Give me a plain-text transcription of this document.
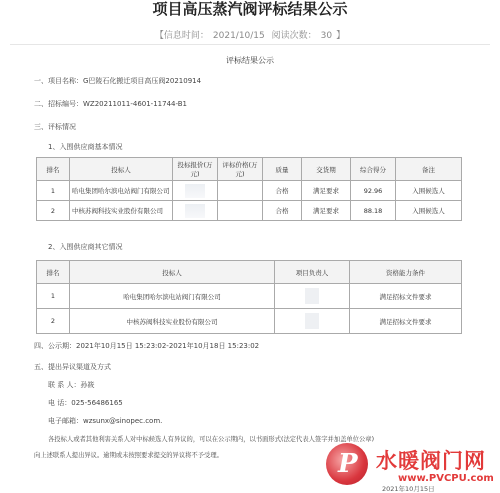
项目高压蒸汽阀评标结果公示
【信息时间： 2021/10/15 阅读次数： 30 】
评标结果公示
一、项目名称：G巴陵石化搬迁项目高压阀20210914
二、招标编号：WZ20211011-4601-11744-B1
三、评标情况
1、入围供应商基本情况
排名	投标人	投标报价(万元)	评标价格(万元)	质量	交货期	综合得分	备注
1	哈电集团哈尔滨电站阀门有限公司			合格	满足要求	92.96	入围候选人
2	中核苏阀科技实业股份有限公司			合格	满足要求	88.18	入围候选人
2、入围供应商其它情况
排名	投标人	项目负责人	资格能力条件
1	哈电集团哈尔滨电站阀门有限公司		满足招标文件要求
2	中核苏阀科技实业股份有限公司		满足招标文件要求
四、公示期：2021年10月15日 15:23:02-2021年10月18日 15:23:02
五、提出异议渠道及方式
联 系 人：孙筱
电 话：025-56486165
电子邮箱：wzsunx@sinopec.com.
各投标人或者其他利害关系人对中标候选人有异议的，可以在公示期内，以书面形式(法定代表人签字并加盖单位公章)
向上述联系人提出异议。逾期或未按照要求提交的异议将不予受理。	P 水暖阀门网
www.PVCPU.com
2021年10月15日
